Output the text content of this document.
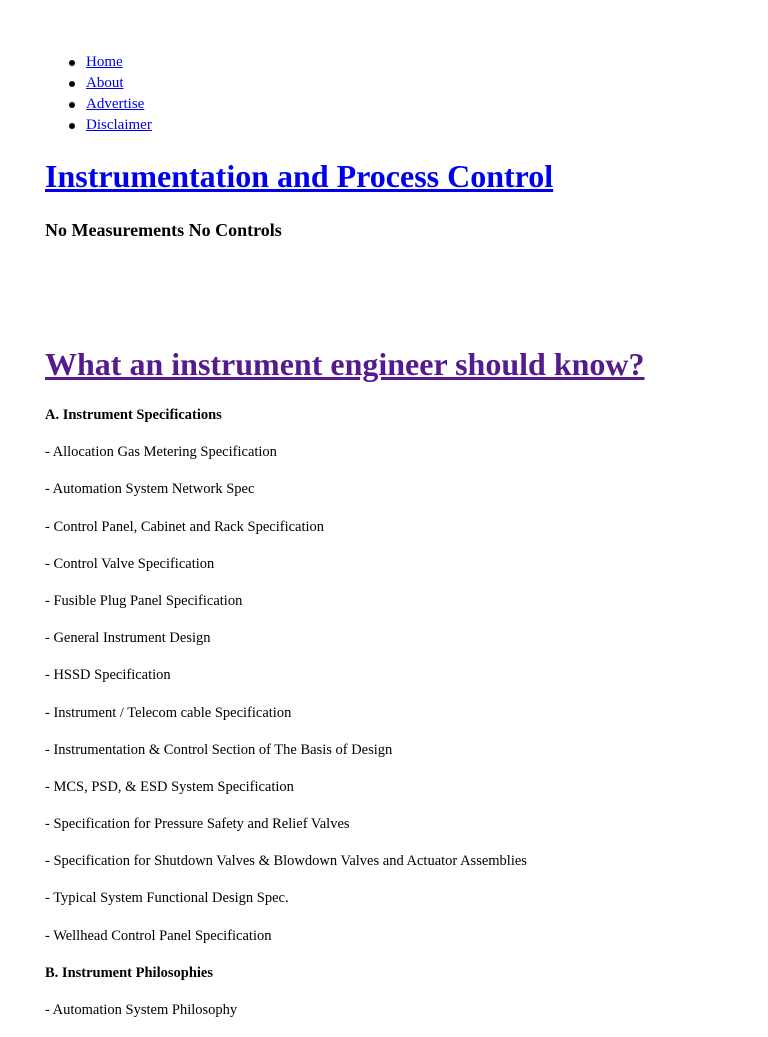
Home
About
Advertise
Disclaimer
Instrumentation and Process Control
No Measurements No Controls
What an instrument engineer should know?

A. Instrument Specifications

- Allocation Gas Metering Specification

- Automation System Network Spec

- Control Panel, Cabinet and Rack Specification

- Control Valve Specification

- Fusible Plug Panel Specification

- General Instrument Design

- HSSD Specification

- Instrument / Telecom cable Specification

- Instrumentation & Control Section of The Basis of Design

- MCS, PSD, & ESD System Specification

- Specification for Pressure Safety and Relief Valves

- Specification for Shutdown Valves & Blowdown Valves and Actuator Assemblies

- Typical System Functional Design Spec.

- Wellhead Control Panel Specification

B. Instrument Philosophies

- Automation System Philosophy
